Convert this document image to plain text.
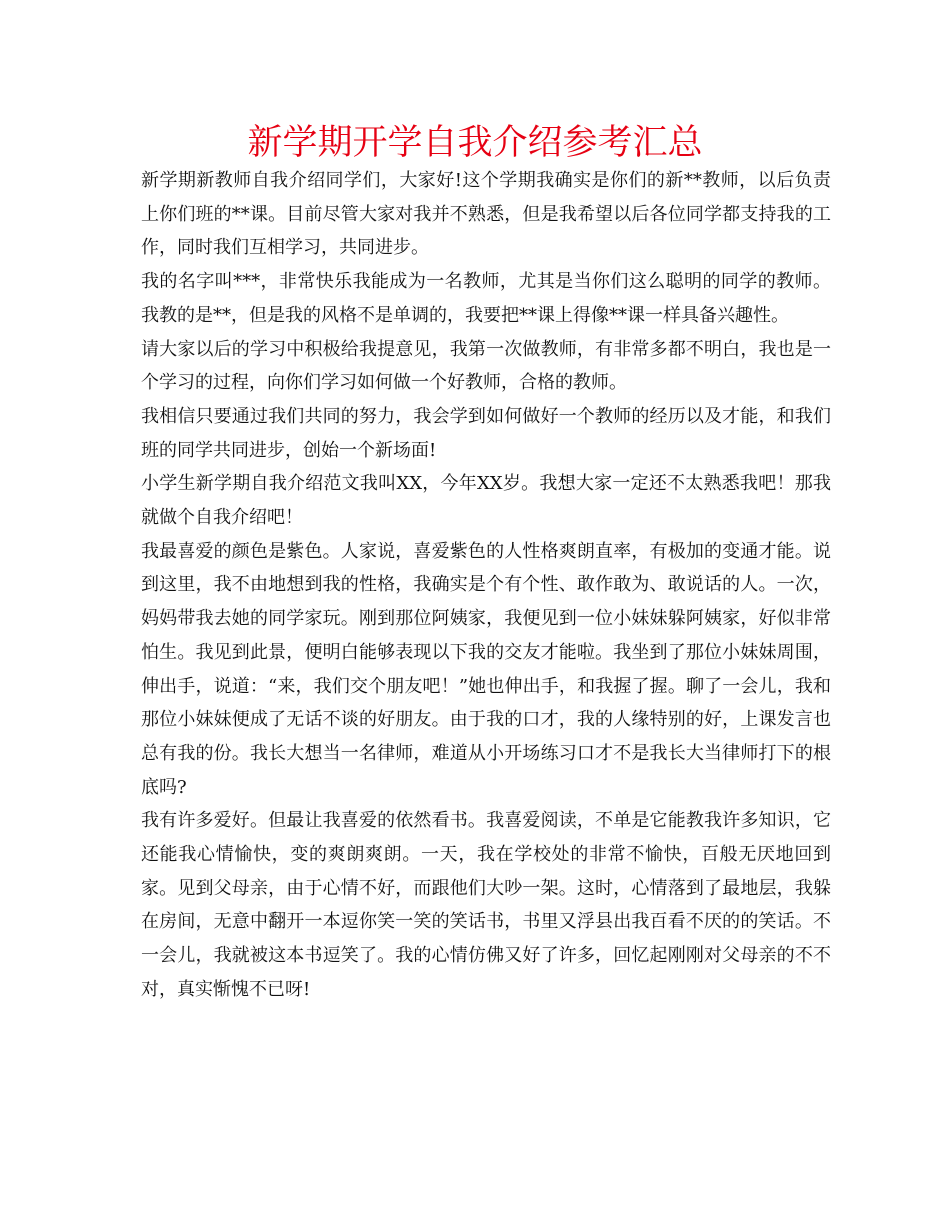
新学期开学自我介绍参考汇总

新学期新教师自我介绍同学们，大家好!这个学期我确实是你们的新**教师，以后负责上你们班的**课。目前尽管大家对我并不熟悉，但是我希望以后各位同学都支持我的工作，同时我们互相学习，共同进步。

我的名字叫***，非常快乐我能成为一名教师，尤其是当你们这么聪明的同学的教师。我教的是**，但是我的风格不是单调的，我要把**课上得像**课一样具备兴趣性。

请大家以后的学习中积极给我提意见，我第一次做教师，有非常多都不明白，我也是一个学习的过程，向你们学习如何做一个好教师，合格的教师。

我相信只要通过我们共同的努力，我会学到如何做好一个教师的经历以及才能，和我们班的同学共同进步，创始一个新场面!

小学生新学期自我介绍范文我叫XX，今年XX岁。我想大家一定还不太熟悉我吧！那我就做个自我介绍吧！

我最喜爱的颜色是紫色。人家说，喜爱紫色的人性格爽朗直率，有极加的变通才能。说到这里，我不由地想到我的性格，我确实是个有个性、敢作敢为、敢说话的人。一次，妈妈带我去她的同学家玩。刚到那位阿姨家，我便见到一位小妹妹躲阿姨家，好似非常怕生。我见到此景，便明白能够表现以下我的交友才能啦。我坐到了那位小妹妹周围，伸出手，说道：“来，我们交个朋友吧！”她也伸出手，和我握了握。聊了一会儿，我和那位小妹妹便成了无话不谈的好朋友。由于我的口才，我的人缘特别的好，上课发言也总有我的份。我长大想当一名律师，难道从小开场练习口才不是我长大当律师打下的根底吗?

我有许多爱好。但最让我喜爱的依然看书。我喜爱阅读，不单是它能教我许多知识，它还能我心情愉快，变的爽朗爽朗。一天，我在学校处的非常不愉快，百般无厌地回到家。见到父母亲，由于心情不好，而跟他们大吵一架。这时，心情落到了最地层，我躲在房间，无意中翻开一本逗你笑一笑的笑话书，书里又浮县出我百看不厌的的笑话。不一会儿，我就被这本书逗笑了。我的心情仿佛又好了许多，回忆起刚刚对父母亲的不不对，真实惭愧不已呀!
